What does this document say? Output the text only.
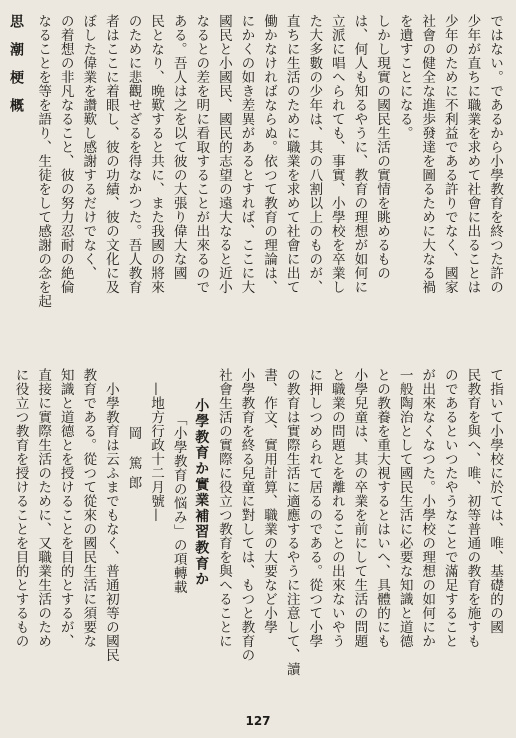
思潮梗概	ではない。であるから小學教育を終つた許の
少年が直ちに職業を求めて社會に出ることは
少年のために不利益である許りでなく、國家
社會の健全な進歩發達を圖るために大なる禍
を遺すことになる。
しかし現實の國民生活の實情を眺めるもの
は、何人も知るやうに、教育の理想が如何に
立派に唱へられても、事實、小學校を卒業し
た大多數の少年は、其の八割以上のものが、
直ちに生活のために職業を求めて社會に出て
働かなければならぬ。依つて教育の理論は、
にかくの如き差異があるとすれば、ここに大
國民と小國民、國民的志望の遠大なると近小
なるとの差を明に看取することが出來るので
ある。吾人は之を以て彼の大張り偉大な國
民となり、晩歎すると共に、また我國の將來
のために悲觀せざるを得なかつた。吾人教育
者はここに着眼し、彼の功績、彼の文化に及
ぼした偉業を讚歎し感謝するだけでなく、
の着想の非凡なること、彼の努力忍耐の絶倫
なることを等を語り、生徒をして感謝の念を起
て指いて小學校に於ては、唯、基礎的の國
民教育を與へ、唯、初等普通の教育を施すも
のであるといつたやうなことで滿足すること
が出來なくなつた。小學校の理想の如何にか
一般陶治として國民生活に必要な知識と道德
との教養を重大視するとはいへ、具體的にも
小學兒童は、其の卒業を前にして生活の問題
と職業の問題とを離れることの出來ないやう
に押しつめられて居るのである。從つて小學
の教育は實際生活に適應するやうに注意して、讀
書、作文、實用計算、職業の大要など小學
小學教育を終る兒童に對しては、もつと教育の
社會生活の實際に役立つ教育を與へることに
小學教育か實業補習教育か
「小學教育の悩み」の項轉載
—地方行政十二月號—
岡 篤郎
小學教育は云ふまでもなく、普通初等の國民
教育である。從つて從來の國民生活に須要な
知識と道德とを授けることを目的とするが、
直接に實際生活のために、又職業生活のため
に役立つ教育を授けることを目的とするもの
127
